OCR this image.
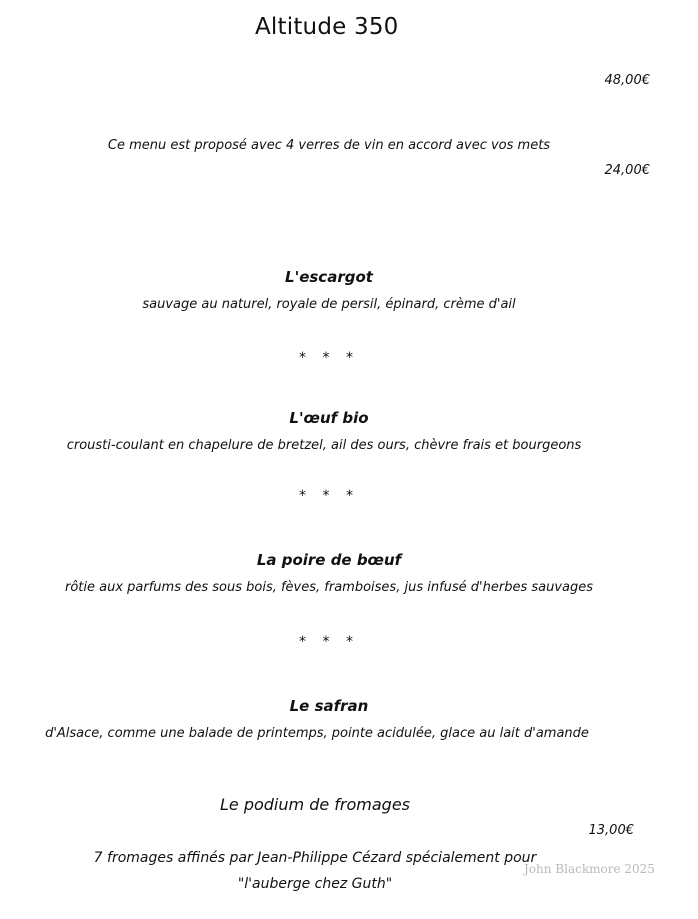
Altitude 350
48,00€
Ce menu est proposé avec 4 verres de vin en accord avec vos mets
24,00€
L'escargot
sauvage au naturel, royale de persil, épinard, crème d'ail
* * *
L'œuf bio
crousti-coulant en chapelure de bretzel, ail des ours, chèvre frais et bourgeons
* * *
La poire de bœuf
rôtie aux parfums des sous bois, fèves, framboises, jus infusé d'herbes sauvages
* * *
Le safran
d'Alsace, comme une balade de printemps, pointe acidulée, glace au lait d'amande
Le podium de fromages
13,00€
7 fromages affinés par Jean-Philippe Cézard spécialement pour
"l'auberge chez Guth"
John Blackmore 2025
